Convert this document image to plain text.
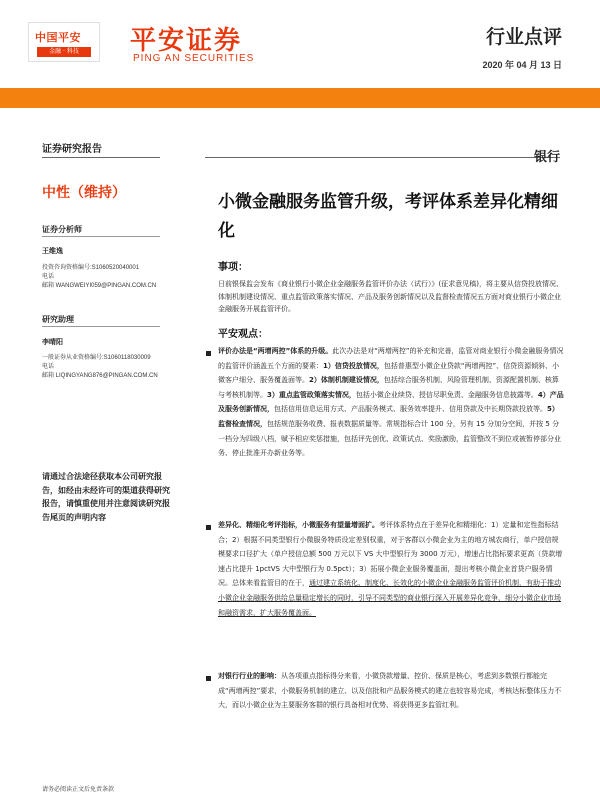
中国平安
金融 · 科技	平安证券
PING AN SECURITIES
行业点评
2020 年 04 月 13 日
证券研究报告
银行
中性（维持）
证券分析师
王维逸
投资咨询资格编号:S1060520040001
电话
邮箱 WANGWEIYI059@PINGAN.COM.CN
研究助理
李晴阳
一般证券从业资格编号:S1060118030009
电话
邮箱 LIQINGYANG876@PINGAN.COM.CN
请通过合法途径获取本公司研究报告，如经由未经许可的渠道获得研究报告，请慎重使用并注意阅读研究报告尾页的声明内容
小微金融服务监管升级，考评体系差异化精细化
事项：
日前银保监会发布《商业银行小微企业金融服务监管评价办法（试行）》(征求意见稿)，将主要从信贷投放情况、体制机制建设情况、重点监管政策落实情况、产品及服务创新情况以及监督检查情况五方面对商业银行小微企业金融服务开展监管评价。
平安观点：
评价办法是“两增两控”体系的升级。此次办法是对“两增两控”的补充和完善，监管对商业银行小微金融服务情况的监管评价涵盖五个方面的要素：1）信贷投放情况，包括普惠型小微企业贷款“两增两控”、信贷资源倾斜、小微客户细分、服务覆盖面等。2）体制机制建设情况，包括综合服务机制、风险管理机制、资源配置机制、核算与考核机制等。3）重点监管政策落实情况，包括小微企业续贷、授信尽职免责、金融服务信息披露等。4）产品及服务创新情况，包括信用信息运用方式、产品服务模式、服务效率提升、信用贷款及中长期贷款投放等。5）监督检查情况，包括规范服务收费、报表数据质量等。常规指标合计 100 分，另有 15 分加分空间，并按 5 分一档分为四级八档，赋予相应奖惩措施，包括评先创优、政策试点、奖励激励，监管整改不到位或被暂停部分业务、停止批准开办新业务等。
差异化、精细化考评指标，小微服务有望量增面扩。考评体系特点在于差异化和精细化：1）定量和定性指标结合；2）根据不同类型银行小微服务特质设定差别权重，对于客群以小微企业为主的地方城农商行，单户授信规模要求口径扩大（单户授信总额 500 万元以下 VS 大中型银行为 3000 万元），增速占比指标要求更高（贷款增速占比提升 1pctVS 大中型银行为 0.5pct）；3）拓展小微企业服务覆盖面，提出考核小微企业首贷户服务情况。总体来看监管目的在于，通过建立系统化、制度化、长效化的小微企业金融服务监管评价机制，有助于推动小微企业金融服务供给总量稳定增长的同时，引导不同类型的商业银行深入开展差异化竞争，细分小微企业市场和融资需求，扩大服务覆盖面。
对银行行业的影响：从各项重点指标得分来看，小微贷款增量、控价、保质是核心，考虑到多数银行都能完成“两增两控”要求，小微服务机制的建立、以及信批和产品服务模式的建立也较容易完成，考核达标整体压力不大，而以小微企业为主要服务客群的银行具备相对优势、将获得更多监管红利。
请务必阅读正文后免责条款
